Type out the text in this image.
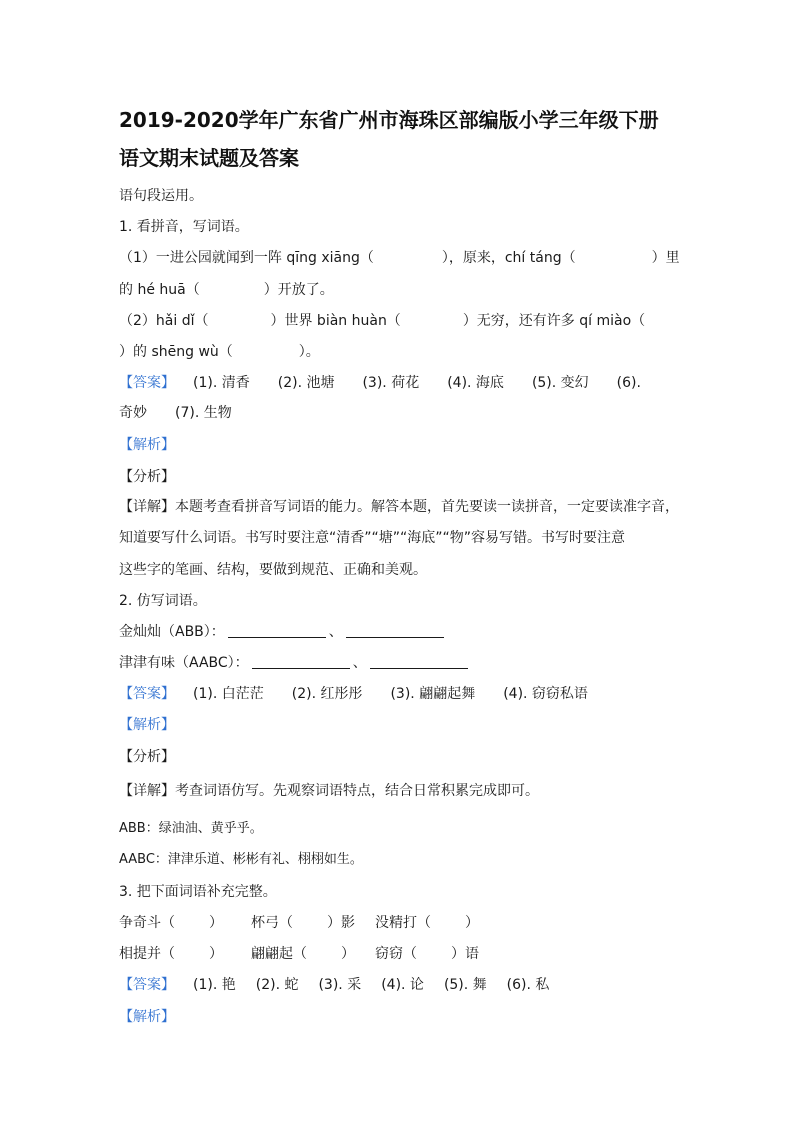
2019-2020学年广东省广州市海珠区部编版小学三年级下册
语文期末试题及答案
语句段运用。
1. 看拼音，写词语。
（1）一进公园就闻到一阵 qīng xiāng（	），原来，chí táng（	）里
的 hé huā（	）开放了。
（2）hǎi dǐ（	）世界 biàn huàn（	）无穷，还有许多 qí miào（
）的 shēng wù（	）。
【答案】 (1). 清香 (2). 池塘 (3). 荷花 (4). 海底 (5). 变幻 (6).
奇妙 (7). 生物
【解析】
【分析】
【详解】本题考查看拼音写词语的能力。解答本题，首先要读一读拼音，一定要读准字音，
知道要写什么词语。书写时要注意“清香”“塘”“海底”“物”容易写错。书写时要注意
这些字的笔画、结构，要做到规范、正确和美观。
2. 仿写词语。
金灿灿（ABB）：	、
津津有味（AABC）：	、
【答案】 (1). 白茫茫 (2). 红彤彤 (3). 翩翩起舞 (4). 窃窃私语
【解析】
【分析】
【详解】考查词语仿写。先观察词语特点，结合日常积累完成即可。
ABB：绿油油、黄乎乎。
AABC：津津乐道、彬彬有礼、栩栩如生。
3. 把下面词语补充完整。
争奇斗（ ） 杯弓（ ）影 没精打（ ）
相提并（ ） 翩翩起（ ） 窃窃（ ）语
【答案】 (1). 艳 (2). 蛇 (3). 采 (4). 论 (5). 舞 (6). 私
【解析】
